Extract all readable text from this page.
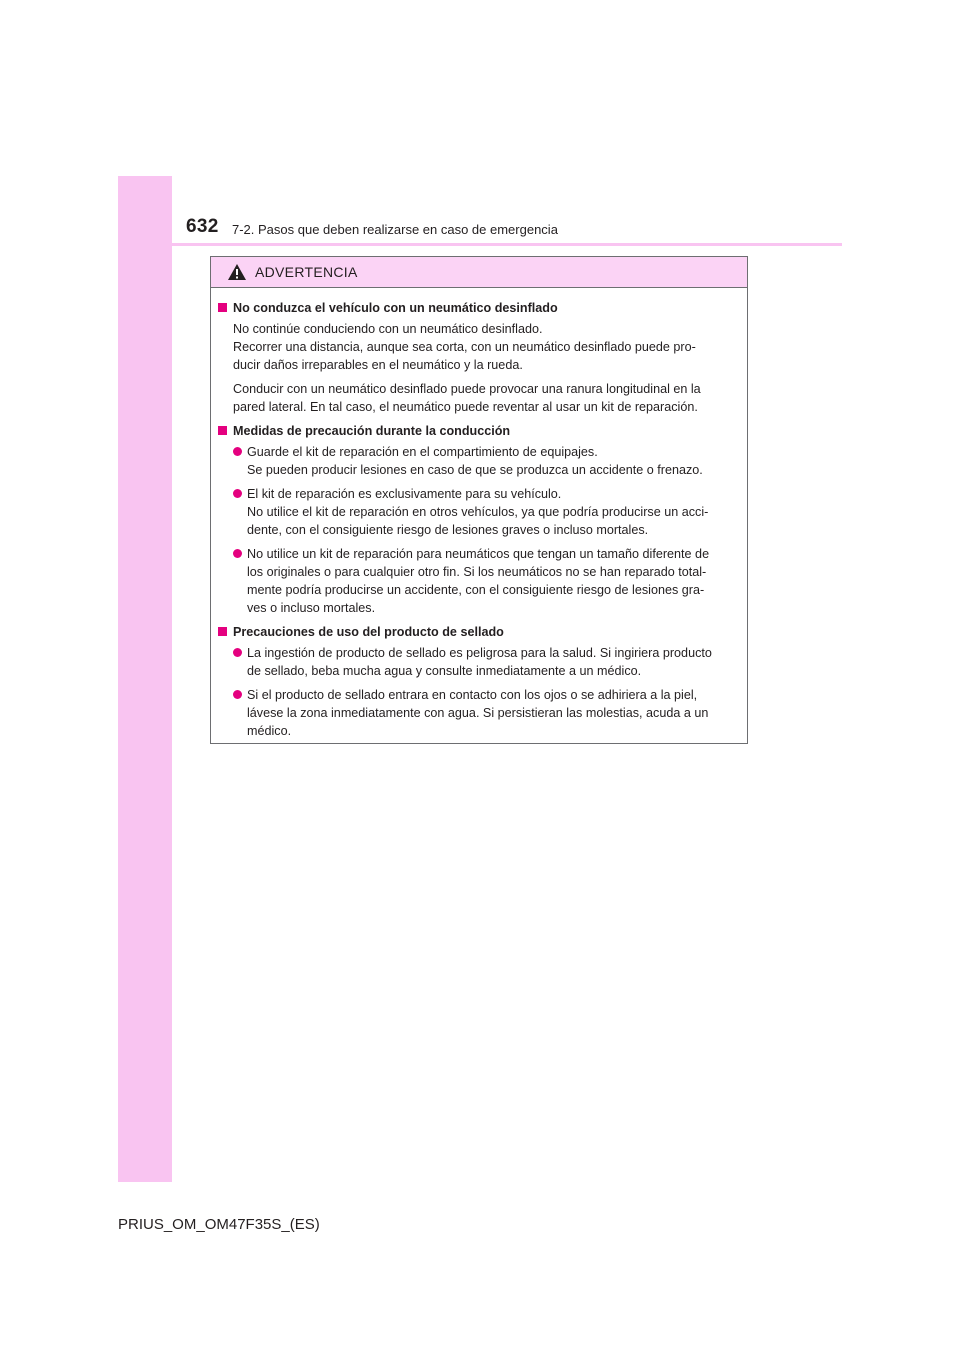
632 7-2. Pasos que deben realizarse en caso de emergencia
ADVERTENCIA
No conduzca el vehículo con un neumático desinflado
No continúe conduciendo con un neumático desinflado.
Recorrer una distancia, aunque sea corta, con un neumático desinflado puede pro-
ducir daños irreparables en el neumático y la rueda.
Conducir con un neumático desinflado puede provocar una ranura longitudinal en la
pared lateral. En tal caso, el neumático puede reventar al usar un kit de reparación.
Medidas de precaución durante la conducción
Guarde el kit de reparación en el compartimiento de equipajes.
Se pueden producir lesiones en caso de que se produzca un accidente o frenazo.
El kit de reparación es exclusivamente para su vehículo.
No utilice el kit de reparación en otros vehículos, ya que podría producirse un acci-
dente, con el consiguiente riesgo de lesiones graves o incluso mortales.
No utilice un kit de reparación para neumáticos que tengan un tamaño diferente de
los originales o para cualquier otro fin. Si los neumáticos no se han reparado total-
mente podría producirse un accidente, con el consiguiente riesgo de lesiones gra-
ves o incluso mortales.
Precauciones de uso del producto de sellado
La ingestión de producto de sellado es peligrosa para la salud. Si ingiriera producto
de sellado, beba mucha agua y consulte inmediatamente a un médico.
Si el producto de sellado entrara en contacto con los ojos o se adhiriera a la piel,
lávese la zona inmediatamente con agua. Si persistieran las molestias, acuda a un
médico.
PRIUS_OM_OM47F35S_(ES)
